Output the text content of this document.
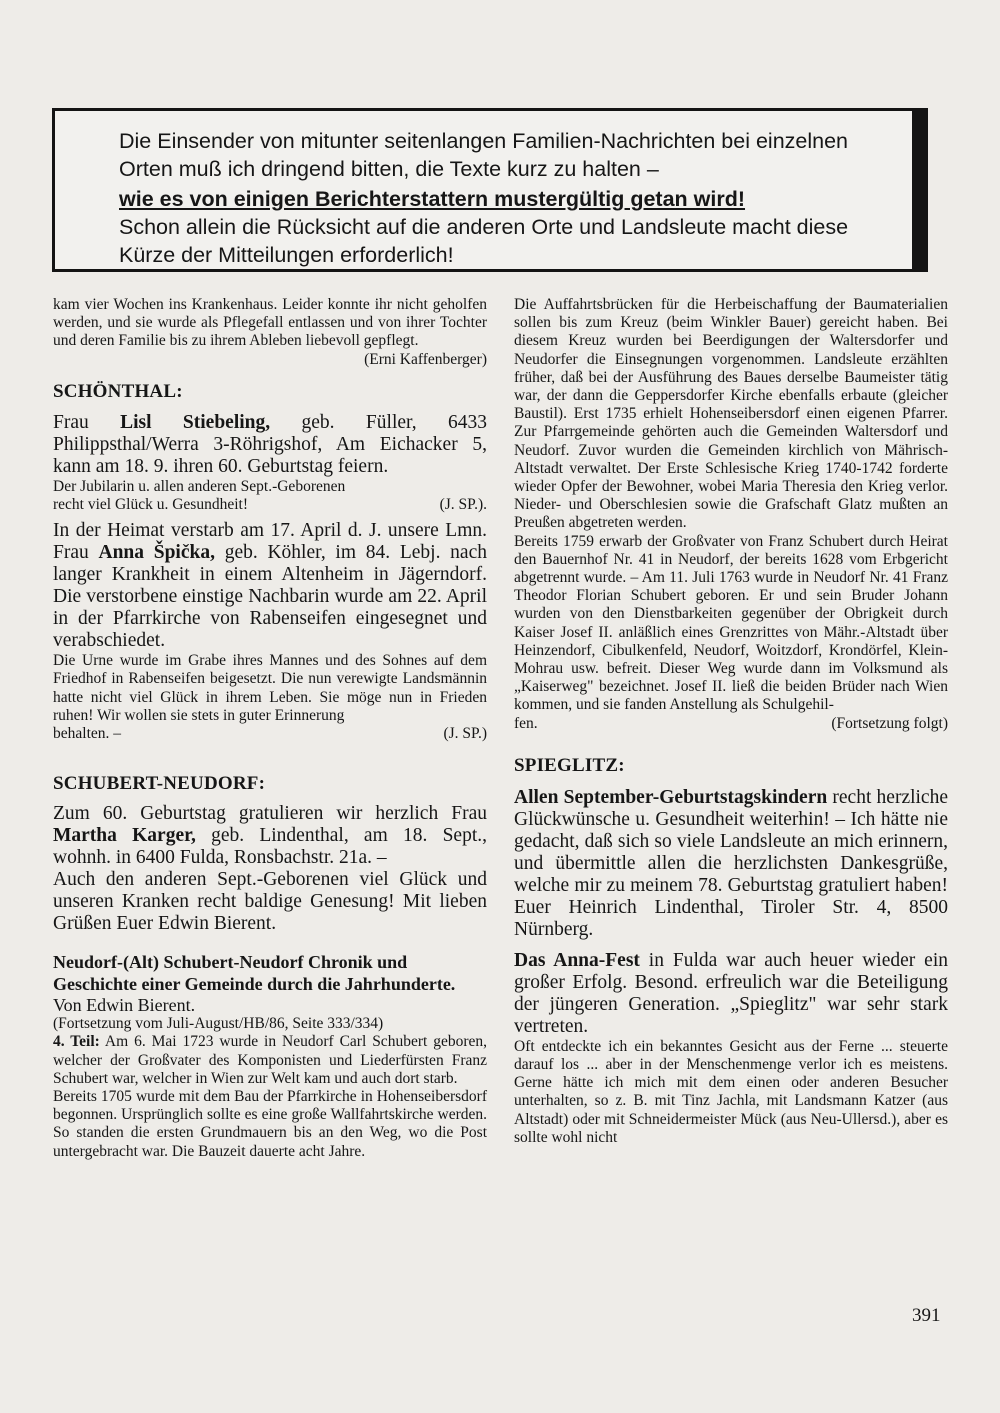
Die Einsender von mitunter seitenlangen Familien-Nachrichten bei einzelnen Orten muß ich dringend bitten, die Texte kurz zu halten –

wie es von einigen Berichterstattern mustergültig getan wird!

Schon allein die Rücksicht auf die anderen Orte und Landsleute macht diese Kürze der Mitteilungen erforderlich!

kam vier Wochen ins Krankenhaus. Leider konnte ihr nicht geholfen werden, und sie wurde als Pflegefall entlassen und von ihrer Tochter und deren Familie bis zu ihrem Ableben liebevoll gepflegt.

(Erni Kaffenberger)

SCHÖNTHAL:

Frau Lisl Stiebeling, geb. Füller, 6433 Philippsthal/Werra 3-Röhrigshof, Am Eichacker 5, kann am 18. 9. ihren 60. Geburtstag feiern.

Der Jubilarin u. allen anderen Sept.-Geborenen

recht viel Glück u. Gesundheit!	(J. SP.).

In der Heimat verstarb am 17. April d. J. unsere Lmn. Frau Anna Špička, geb. Köhler, im 84. Lebj. nach langer Krankheit in einem Altenheim in Jägerndorf. Die verstorbene einstige Nachbarin wurde am 22. April in der Pfarrkirche von Rabenseifen eingesegnet und verabschiedet.

Die Urne wurde im Grabe ihres Mannes und des Sohnes auf dem Friedhof in Rabenseifen beigesetzt. Die nun verewigte Landsmännin hatte nicht viel Glück in ihrem Leben. Sie möge nun in Frieden ruhen! Wir wollen sie stets in guter Erinnerung

behalten. –	(J. SP.)
SCHUBERT-NEUDORF:

Zum 60. Geburtstag gratulieren wir herzlich Frau Martha Karger, geb. Lindenthal, am 18. Sept., wohnh. in 6400 Fulda, Ronsbachstr. 21a. –

Auch den anderen Sept.-Geborenen viel Glück und unseren Kranken recht baldige Genesung! Mit lieben Grüßen Euer Edwin Bierent.

Neudorf-(Alt) Schubert-Neudorf Chronik und Geschichte einer Gemeinde durch die Jahrhunderte.

Von Edwin Bierent.

(Fortsetzung vom Juli-August/HB/86, Seite 333/334)

4. Teil: Am 6. Mai 1723 wurde in Neudorf Carl Schubert geboren, welcher der Großvater des Komponisten und Liederfürsten Franz Schubert war, welcher in Wien zur Welt kam und auch dort starb.

Bereits 1705 wurde mit dem Bau der Pfarrkirche in Hohenseibersdorf begonnen. Ursprünglich sollte es eine große Wallfahrtskirche werden. So standen die ersten Grundmauern bis an den Weg, wo die Post untergebracht war. Die Bauzeit dauerte acht Jahre.

Die Auffahrtsbrücken für die Herbeischaffung der Baumaterialien sollen bis zum Kreuz (beim Winkler Bauer) gereicht haben. Bei diesem Kreuz wurden bei Beerdigungen der Waltersdorfer und Neudorfer die Einsegnungen vorgenommen. Landsleute erzählten früher, daß bei der Ausführung des Baues derselbe Baumeister tätig war, der dann die Geppersdorfer Kirche ebenfalls erbaute (gleicher Baustil). Erst 1735 erhielt Hohenseibersdorf einen eigenen Pfarrer. Zur Pfarrgemeinde gehörten auch die Gemeinden Waltersdorf und Neudorf. Zuvor wurden die Gemeinden kirchlich von Mährisch-Altstadt verwaltet. Der Erste Schlesische Krieg 1740-1742 forderte wieder Opfer der Bewohner, wobei Maria Theresia den Krieg verlor. Nieder- und Oberschlesien sowie die Grafschaft Glatz mußten an Preußen abgetreten werden.

Bereits 1759 erwarb der Großvater von Franz Schubert durch Heirat den Bauernhof Nr. 41 in Neudorf, der bereits 1628 vom Erbgericht abgetrennt wurde. – Am 11. Juli 1763 wurde in Neudorf Nr. 41 Franz Theodor Florian Schubert geboren. Er und sein Bruder Johann wurden von den Dienstbarkeiten gegenüber der Obrigkeit durch Kaiser Josef II. anläßlich eines Grenzrittes von Mähr.-Altstadt über Heinzendorf, Cibulkenfeld, Neudorf, Woitzdorf, Krondörfel, Klein-Mohrau usw. befreit. Dieser Weg wurde dann im Volksmund als „Kaiserweg" bezeichnet. Josef II. ließ die beiden Brüder nach Wien kommen, und sie fanden Anstellung als Schulgehil-

fen.	(Fortsetzung folgt)
SPIEGLITZ:

Allen September-Geburtstagskindern recht herzliche Glückwünsche u. Gesundheit weiterhin! – Ich hätte nie gedacht, daß sich so viele Landsleute an mich erinnern, und übermittle allen die herzlichsten Dankesgrüße, welche mir zu meinem 78. Geburtstag gratuliert haben! Euer Heinrich Lindenthal, Tiroler Str. 4, 8500 Nürnberg.

Das Anna-Fest in Fulda war auch heuer wieder ein großer Erfolg. Besond. erfreulich war die Beteiligung der jüngeren Generation. „Spieglitz" war sehr stark vertreten.

Oft entdeckte ich ein bekanntes Gesicht aus der Ferne ... steuerte darauf los ... aber in der Menschenmenge verlor ich es meistens. Gerne hätte ich mich mit dem einen oder anderen Besucher unterhalten, so z. B. mit Tinz Jachla, mit Landsmann Katzer (aus Altstadt) oder mit Schneidermeister Mück (aus Neu-Ullersd.), aber es sollte wohl nicht

391
